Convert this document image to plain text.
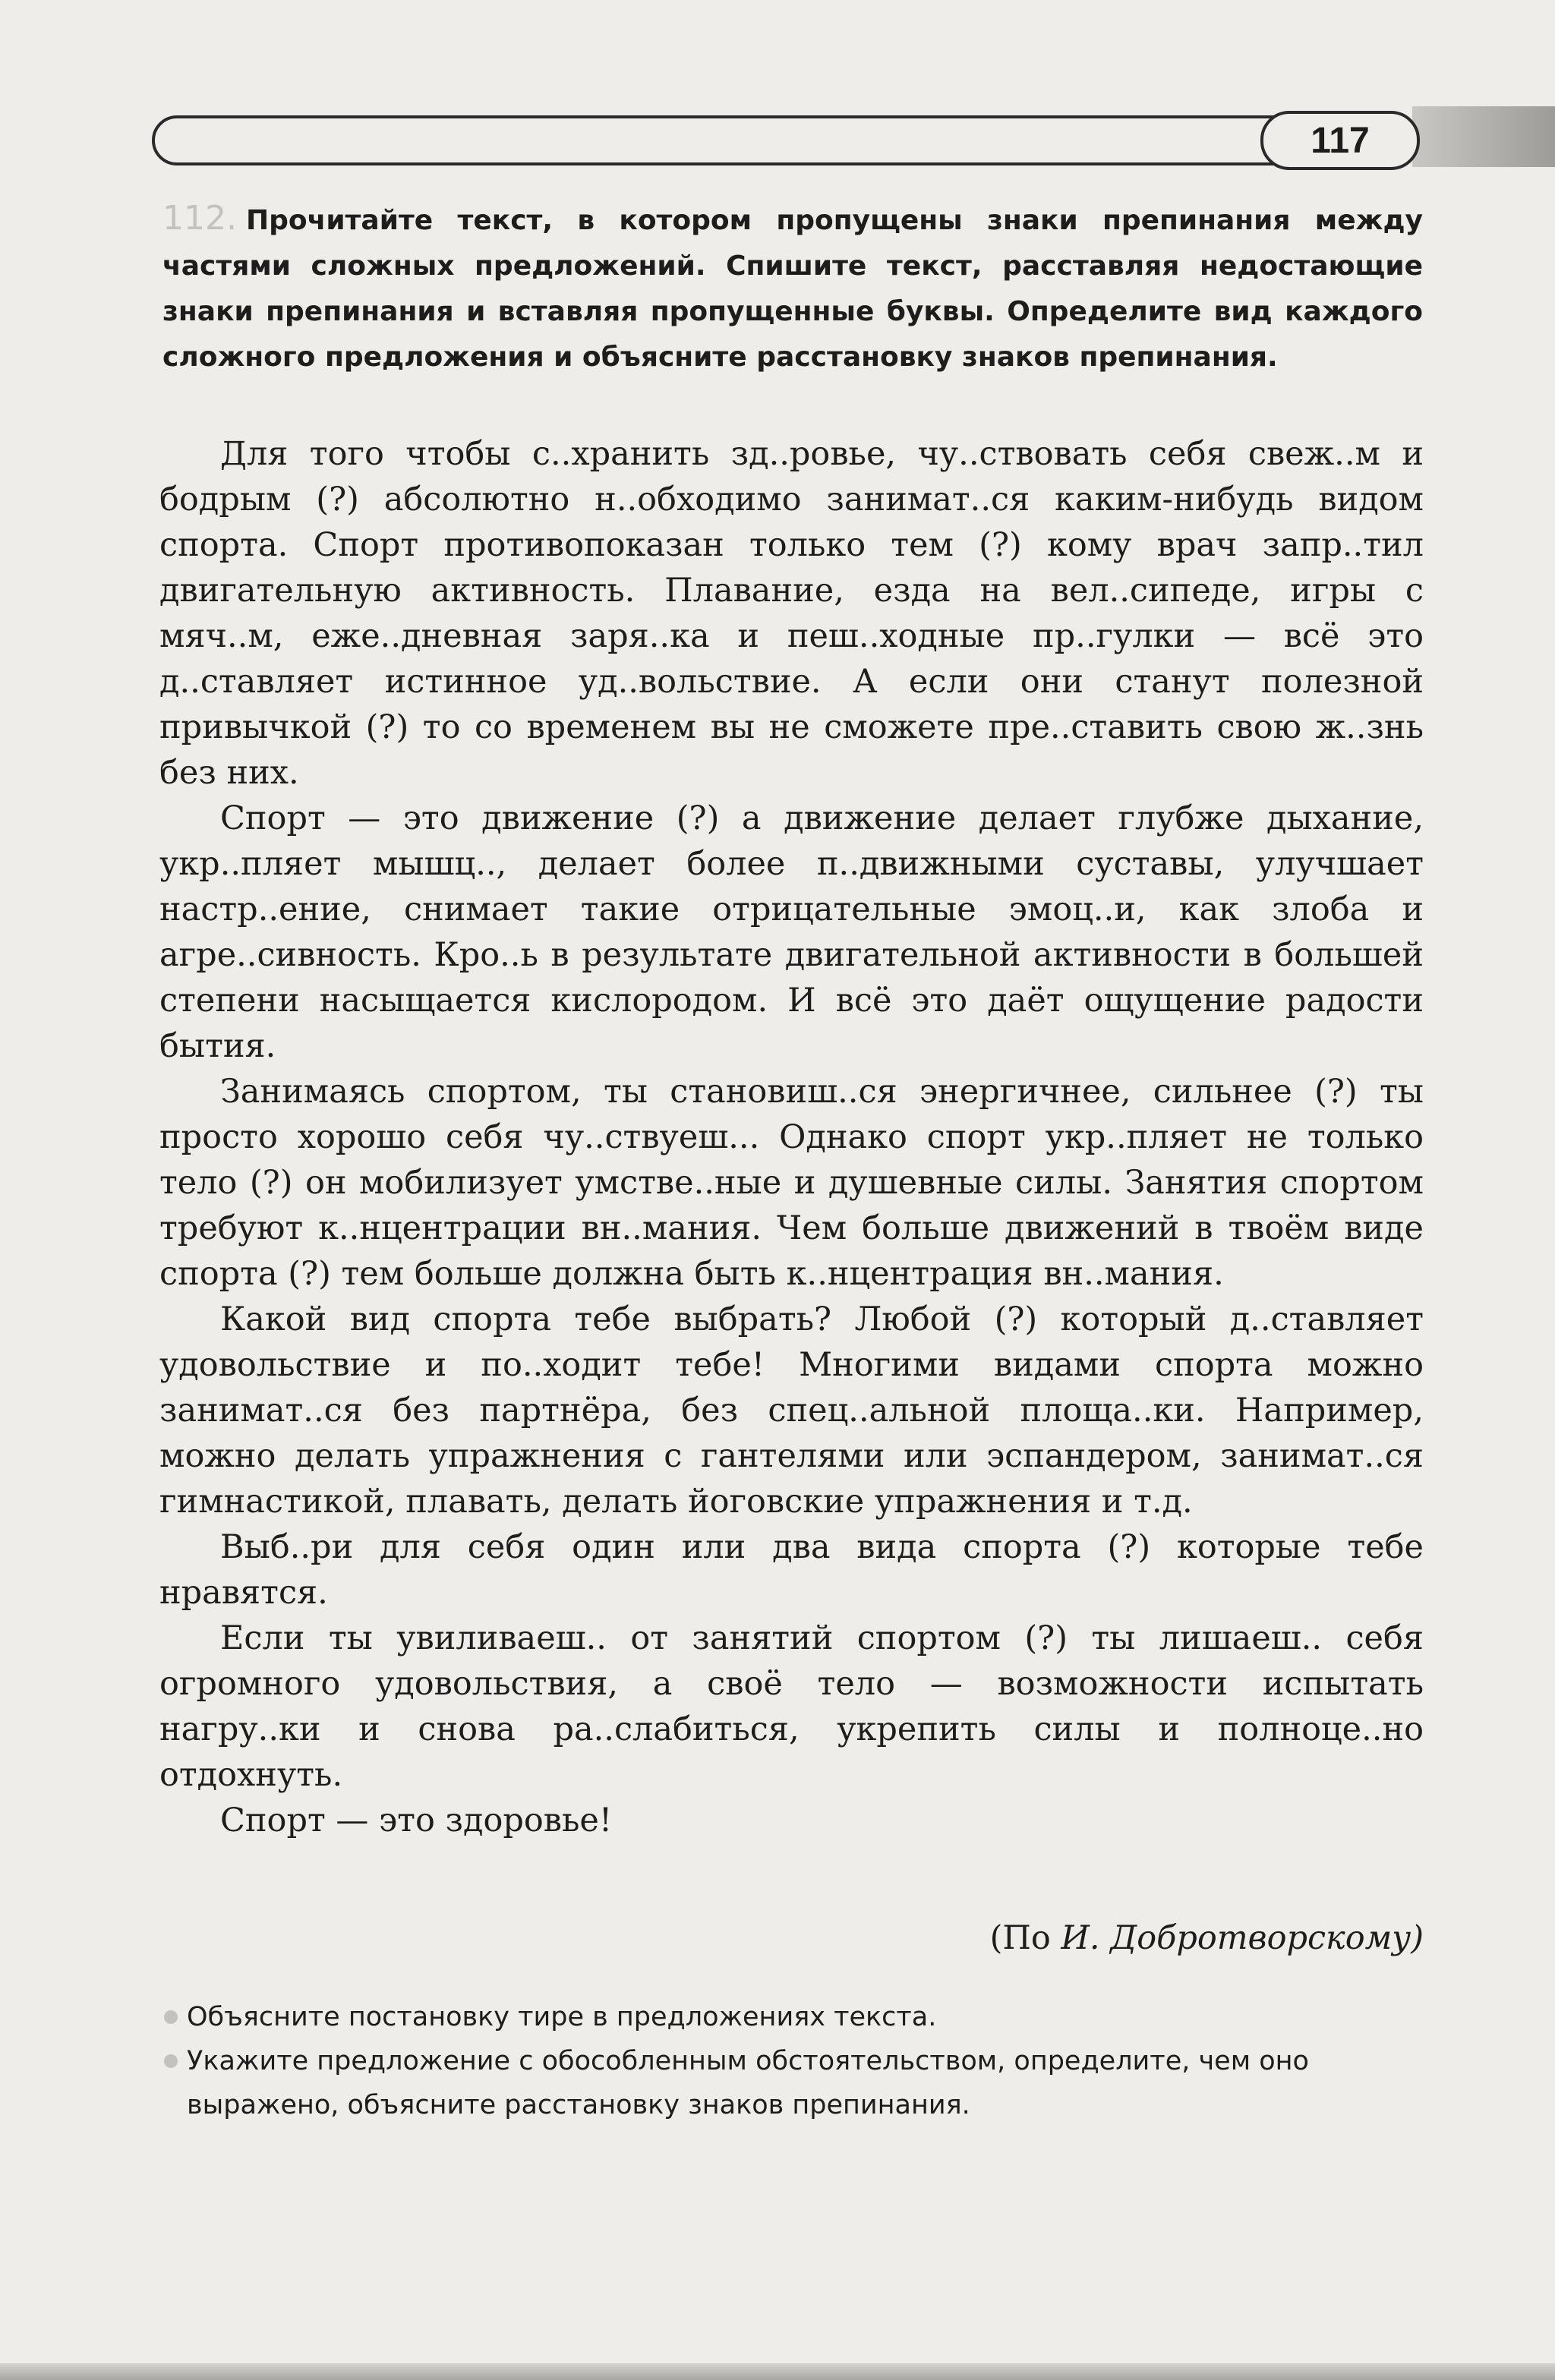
117
112. Прочитайте текст, в котором пропущены знаки препинания между частями сложных предложений. Спишите текст, расставляя недостающие знаки препинания и вставляя пропущенные буквы. Определите вид каждого сложного предложения и объясните расстановку знаков препинания.

Для того чтобы с..хранить зд..ровье, чу..ствовать себя свеж..м и бодрым (?) абсолютно н..обходимо занимат..ся каким-нибудь видом спорта. Спорт противопоказан только тем (?) кому врач запр..тил двигательную активность. Плавание, езда на вел..сипеде, игры с мяч..м, еже..дневная заря..ка и пеш..ходные пр..гулки — всё это д..ставляет истинное уд..вольствие. А если они станут полезной привычкой (?) то со временем вы не сможете пре..ставить свою ж..знь без них.

Спорт — это движение (?) а движение делает глубже дыхание, укр..пляет мышц.., делает более п..движными суставы, улучшает настр..ение, снимает такие отрицательные эмоц..и, как злоба и агре..сивность. Кро..ь в результате двигательной активности в большей степени насыщается кислородом. И всё это даёт ощущение радости бытия.

Занимаясь спортом, ты становиш..ся энергичнее, сильнее (?) ты просто хорошо себя чу..ствуеш... Однако спорт укр..пляет не только тело (?) он мобилизует умстве..ные и душевные силы. Занятия спортом требуют к..нцентрации вн..мания. Чем больше движений в твоём виде спорта (?) тем больше должна быть к..нцентрация вн..мания.

Какой вид спорта тебе выбрать? Любой (?) который д..ставляет удовольствие и по..ходит тебе! Многими видами спорта можно занимат..ся без партнёра, без спец..альной площа..ки. Например, можно делать упражнения с гантелями или эспандером, занимат..ся гимнастикой, плавать, делать йоговские упражнения и т.д.

Выб..ри для себя один или два вида спорта (?) которые тебе нравятся.

Если ты увиливаеш.. от занятий спортом (?) ты лишаеш.. себя огромного удовольствия, а своё тело — возможности испытать нагру..ки и снова ра..слабиться, укрепить силы и полноце..но отдохнуть.

Спорт — это здоровье!

(По И. Добротворскому)
Объясните постановку тире в предложениях текста.
Укажите предложение с обособленным обстоятельством, определите, чем оно выражено, объясните расстановку знаков препинания.
